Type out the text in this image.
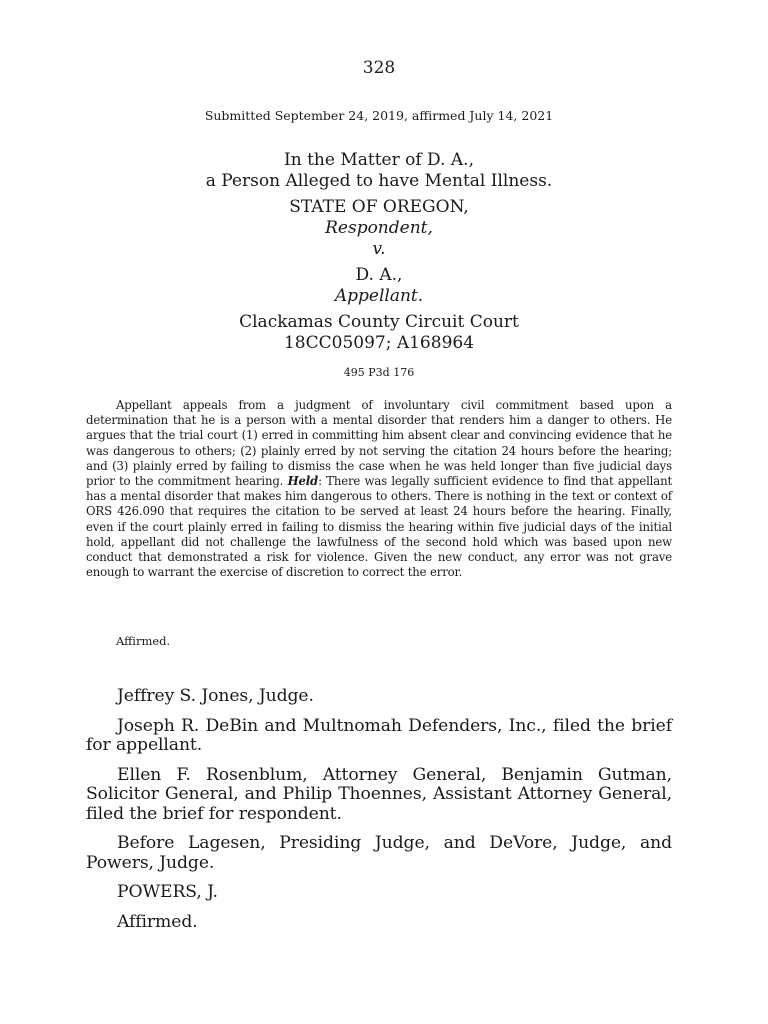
328
Submitted September 24, 2019, affirmed July 14, 2021
In the Matter of D. A.,
a Person Alleged to have Mental Illness.
STATE OF OREGON,
Respondent,
v.
D. A.,
Appellant.
Clackamas County Circuit Court
18CC05097; A168964
495 P3d 176

Appellant appeals from a judgment of involuntary civil commitment based upon a determination that he is a person with a mental disorder that renders him a danger to others. He argues that the trial court (1) erred in committing him absent clear and convincing evidence that he was dangerous to others; (2) plainly erred by not serving the citation 24 hours before the hearing; and (3) plainly erred by failing to dismiss the case when he was held longer than five judicial days prior to the commitment hearing. Held: There was legally sufficient evidence to find that appellant has a mental disorder that makes him dangerous to others. There is nothing in the text or context of ORS 426.090 that requires the citation to be served at least 24 hours before the hearing. Finally, even if the court plainly erred in failing to dismiss the hearing within five judicial days of the initial hold, appellant did not challenge the lawfulness of the second hold which was based upon new conduct that demonstrated a risk for violence. Given the new conduct, any error was not grave enough to warrant the exercise of discretion to correct the error.

Affirmed.

Jeffrey S. Jones, Judge.

Joseph R. DeBin and Multnomah Defenders, Inc., filed the brief for appellant.

Ellen F. Rosenblum, Attorney General, Benjamin Gutman, Solicitor General, and Philip Thoennes, Assistant Attorney General, filed the brief for respondent.

Before Lagesen, Presiding Judge, and DeVore, Judge, and Powers, Judge.

POWERS, J.

Affirmed.
